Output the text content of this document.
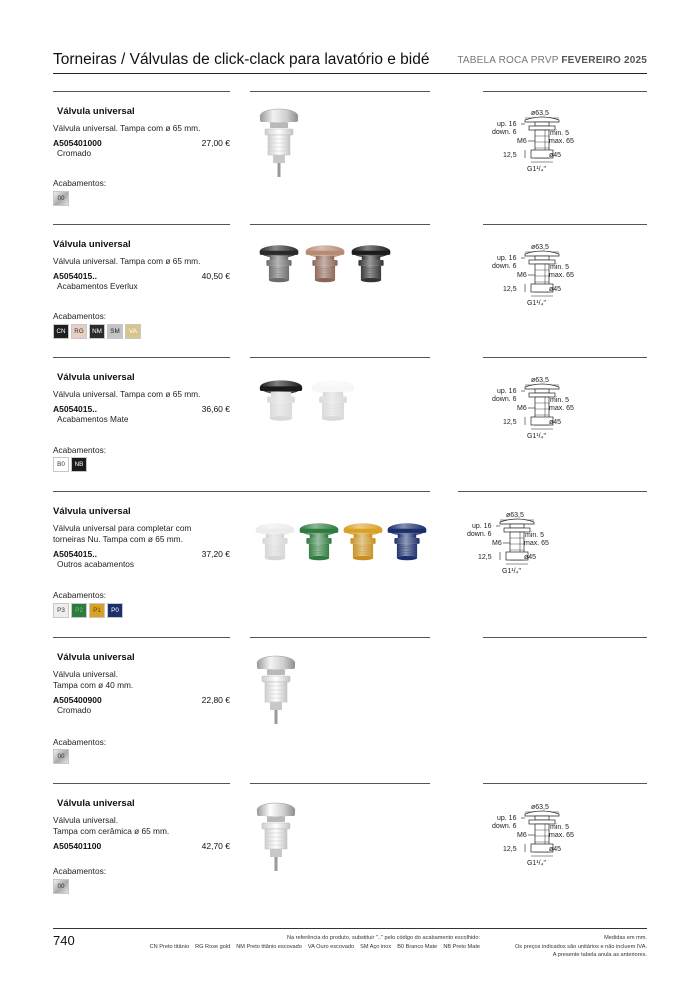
Torneiras / Válvulas de click-clack para lavatório e bidé	TABELA ROCA PRVP FEVEREIRO 2025
Válvula universal
Válvula universal. Tampa com ø 65 mm.
A505401000	27,00 €
Cromado
Acabamentos:
00
ø63,5
up. 16
down. 6
M6
min. 5
max. 65
12,5	ø45
G1¹/₄"
Válvula universal
Válvula universal. Tampa com ø 65 mm.
A5054015..	40,50 €
Acabamentos Everlux
Acabamentos:
CN	RG	NM	SM	VA
ø63,5
up. 16
down. 6
M6
min. 5
max. 65
12,5	ø45
G1¹/₄"
Válvula universal
Válvula universal. Tampa com ø 65 mm.
A5054015..	36,60 €
Acabamentos Mate
Acabamentos:
B0	NB
ø63,5
up. 16
down. 6
M6
min. 5
max. 65
12,5	ø45
G1¹/₄"
Válvula universal
Válvula universal para completar com
torneiras Nu. Tampa com ø 65 mm.
A5054015..	37,20 €
Outros acabamentos
Acabamentos:
P3	P2	P1	P0
ø63,5
up. 16
down. 6
M6
min. 5
max. 65
12,5	ø45
G1¹/₄"
Válvula universal
Válvula universal.
Tampa com ø 40 mm.
A505400900	22,80 €
Cromado
Acabamentos:
00
Válvula universal
Válvula universal.
Tampa com cerâmica ø 65 mm.
A505401100	42,70 €
Acabamentos:
00
ø63,5
up. 16
down. 6
M6
min. 5
max. 65
12,5	ø45
G1¹/₄"
740	Na referência do produto, substituir ".." pelo código do acabamento escolhido:
CN Preto titânio RG Rose gold NM Preto titânio escovado VA Ouro escovado SM Aço inox B0 Branco Mate NB Preto Mate
Medidas em mm.
Os preços indicados são unitários e não incluem IVA.
A presente tabela anula as anteriores.
